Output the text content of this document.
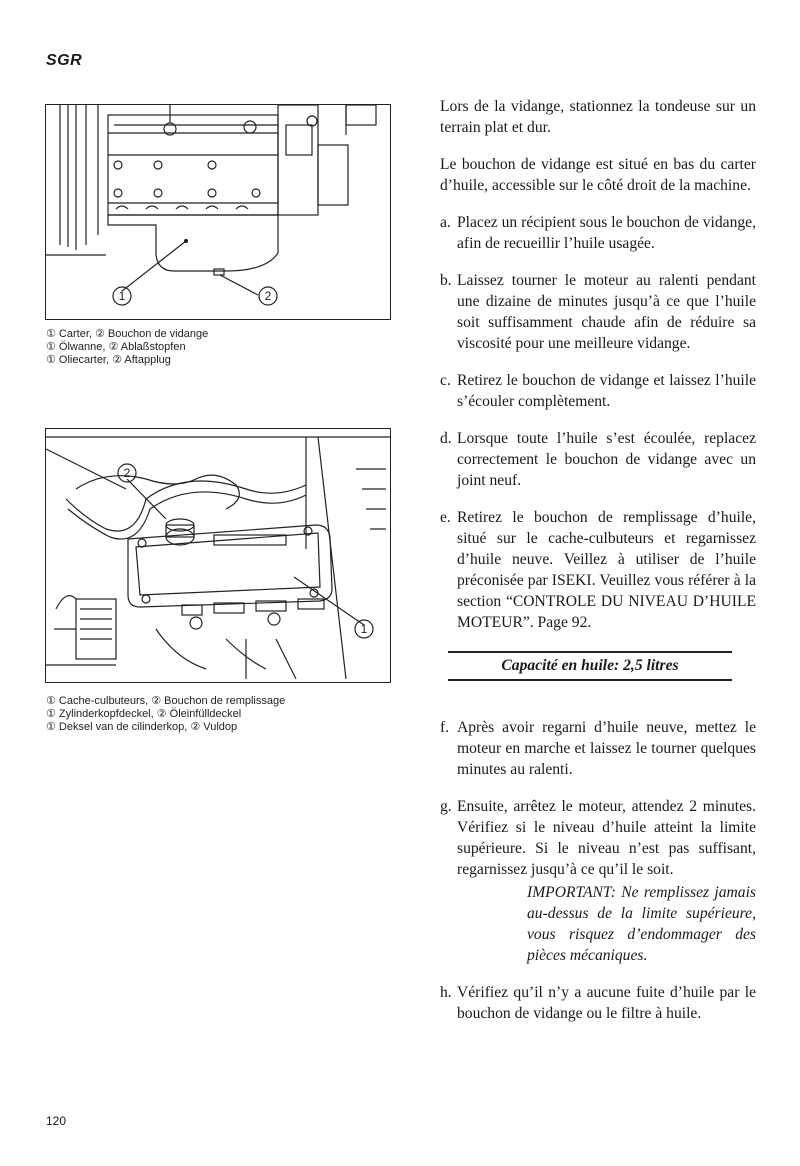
SGR
1	2
① Carter, ② Bouchon de vidange
① Ölwanne, ② Ablaßstopfen
① Oliecarter, ② Aftapplug
2
1
① Cache-culbuteurs, ② Bouchon de remplissage
① Zylinderkopfdeckel, ② Öleinfülldeckel
① Deksel van de cilinderkop, ② Vuldop

Lors de la vidange, stationnez la tondeuse sur un terrain plat et dur.

Le bouchon de vidange est situé en bas du carter d’huile, accessible sur le côté droit de la machine.

a. Placez un récipient sous le bouchon de vidange, afin de recueillir l’huile usagée.
b. Laissez tourner le moteur au ralenti pendant une dizaine de minutes jusqu’à ce que l’huile soit suffisamment chaude afin de réduire sa viscosité pour une meilleure vidange.
c. Retirez le bouchon de vidange et laissez l’huile s’écouler complètement.
d. Lorsque toute l’huile s’est écoulée, replacez correctement le bouchon de vidange avec un joint neuf.
e. Retirez le bouchon de remplissage d’huile, situé sur le cache-culbuteurs et regarnissez d’huile neuve. Veillez à utiliser de l’huile préconisée par ISEKI. Veuillez vous référer à la section “CONTROLE DU NIVEAU D’HUILE MOTEUR”. Page 92.
Capacité en huile: 2,5 litres
f. Après avoir regarni d’huile neuve, mettez le moteur en marche et laissez le tourner quelques minutes au ralenti.
g. Ensuite, arrêtez le moteur, attendez 2 minutes. Vérifiez si le niveau d’huile atteint la limite supérieure. Si le niveau n’est pas suffisant, regarnissez jusqu’à ce qu’il le soit.
IMPORTANT: Ne remplissez jamais au-dessus de la limite supérieure, vous risquez d’endommager des pièces mécaniques.
h. Vérifiez qu’il n’y a aucune fuite d’huile par le bouchon de vidange ou le filtre à huile.
120
